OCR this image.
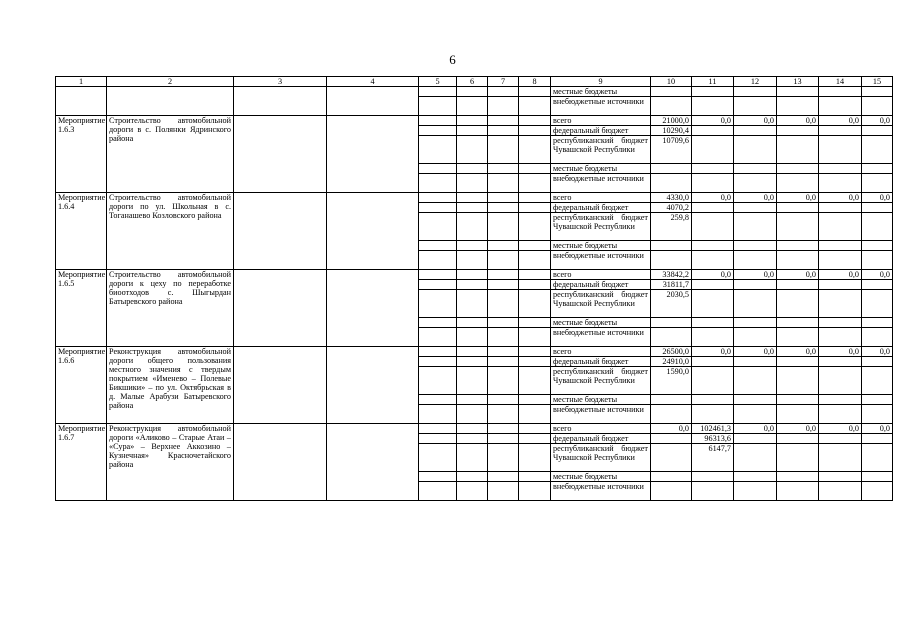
6
1	2	3	4	5	6	7	8	9	10	11	12	13	14	15
								местные бюджеты						
								внебюджетные источники						
Мероприятие 1.6.3	Строительство автомобильной дороги в с. Полянки Ядринского района							всего	21000,0	0,0	0,0	0,0	0,0	0,0
								федеральный бюджет	10290,4					
								республиканский бюджет Чувашской Республики	10709,6					
								местные бюджеты						
								внебюджетные источники						
Мероприятие 1.6.4	Строительство автомобильной дороги по ул. Школьная в с. Тоганашево Козловского района							всего	4330,0	0,0	0,0	0,0	0,0	0,0
								федеральный бюджет	4070,2					
								республиканский бюджет Чувашской Республики	259,8					
								местные бюджеты						
								внебюджетные источники						
Мероприятие 1.6.5	Строительство автомобильной дороги к цеху по переработке биоотходов с. Шыгырдан Батыревского района							всего	33842,2	0,0	0,0	0,0	0,0	0,0
								федеральный бюджет	31811,7					
								республиканский бюджет Чувашской Республики	2030,5					
								местные бюджеты						
								внебюджетные источники						
Мероприятие 1.6.6	Реконструкция автомобильной дороги общего пользования местного значения с твердым покрытием «Именево – Полевые Бикшики» – по ул. Октябрьская в д. Малые Арабузи Батыревского района							всего	26500,0	0,0	0,0	0,0	0,0	0,0
								федеральный бюджет	24910,0					
								республиканский бюджет Чувашской Республики	1590,0					
								местные бюджеты						
								внебюджетные источники						
Мероприятие 1.6.7	Реконструкция автомобильной дороги «Аликово – Старые Атаи – «Сура» – Верхнее Аккозино – Кузнечная» Красночетайского района							всего	0,0	102461,3	0,0	0,0	0,0	0,0
								федеральный бюджет		96313,6				
								республиканский бюджет Чувашской Республики		6147,7				
								местные бюджеты						
								внебюджетные источники						
